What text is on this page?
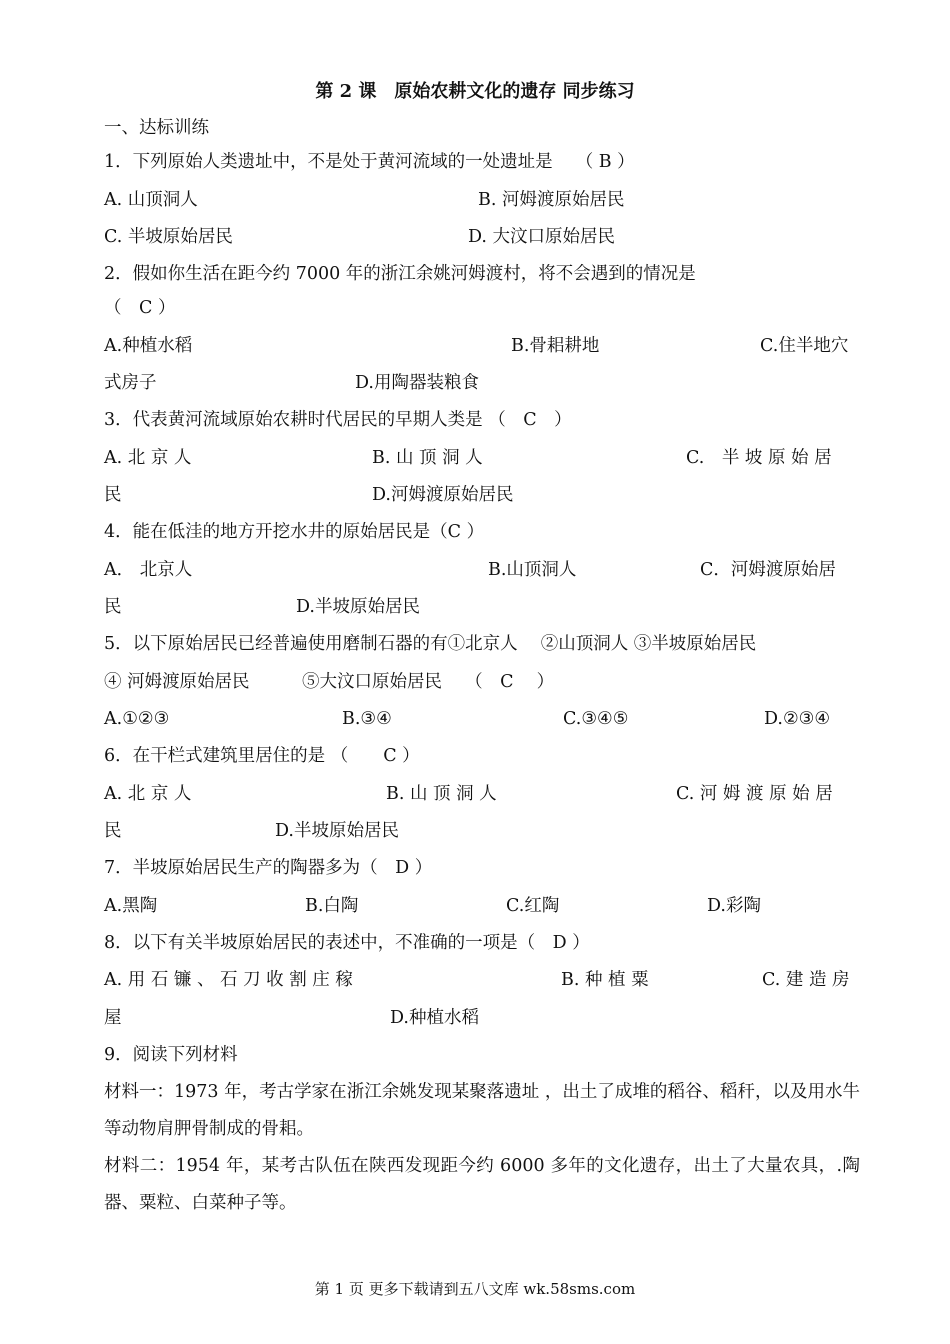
第 2 课　原始农耕文化的遗存 同步练习
一、达标训练
1．下列原始人类遗址中，不是处于黄河流域的一处遗址是　 （ B ）
A. 山顶洞人	B. 河姆渡原始居民
C. 半坡原始居民	D. 大汶口原始居民
2．假如你生活在距今约 7000 年的浙江余姚河姆渡村，将不会遇到的情况是
（　C ）
A.种植水稻	B.骨耜耕地	C.住半地穴
式房子	D.用陶器装粮食
3．代表黄河流域原始农耕时代居民的早期人类是 （　C　）
A. 北 京 人	B. 山 顶 洞 人	C.　半 坡 原 始 居
民	D.河姆渡原始居民
4．能在低洼的地方开挖水井的原始居民是（C ）
A． 北京人	B.山顶洞人	C．河姆渡原始居
民	D.半坡原始居民
5．以下原始居民已经普遍使用磨制石器的有①北京人　 ②山顶洞人 ③半坡原始居民
④ 河姆渡原始居民　　　⑤大汶口原始居民　 （　C　 ）
A.①②③	B.③④	C.③④⑤	D.②③④
6．在干栏式建筑里居住的是 （　　C ）
A. 北 京 人	B. 山 顶 洞 人	C. 河 姆 渡 原 始 居
民	D.半坡原始居民
7．半坡原始居民生产的陶器多为（　D ）
A.黑陶	B.白陶	C.红陶	D.彩陶
8．以下有关半坡原始居民的表述中，不准确的一项是（　D ）
A. 用 石 镰 、 石 刀 收 割 庄 稼	B. 种 植 粟	C. 建 造 房
屋	D.种植水稻
9．阅读下列材料
材料一：1973 年，考古学家在浙江余姚发现某聚落遗址 ，出土了成堆的稻谷、稻秆，以及用水牛等动物肩胛骨制成的骨耜。
材料二：1954 年，某考古队伍在陕西发现距今约 6000 多年的文化遗存，出土了大量农具，.陶器、粟粒、白菜种子等。
第 1 页 更多下载请到五八文库 wk.58sms.com
